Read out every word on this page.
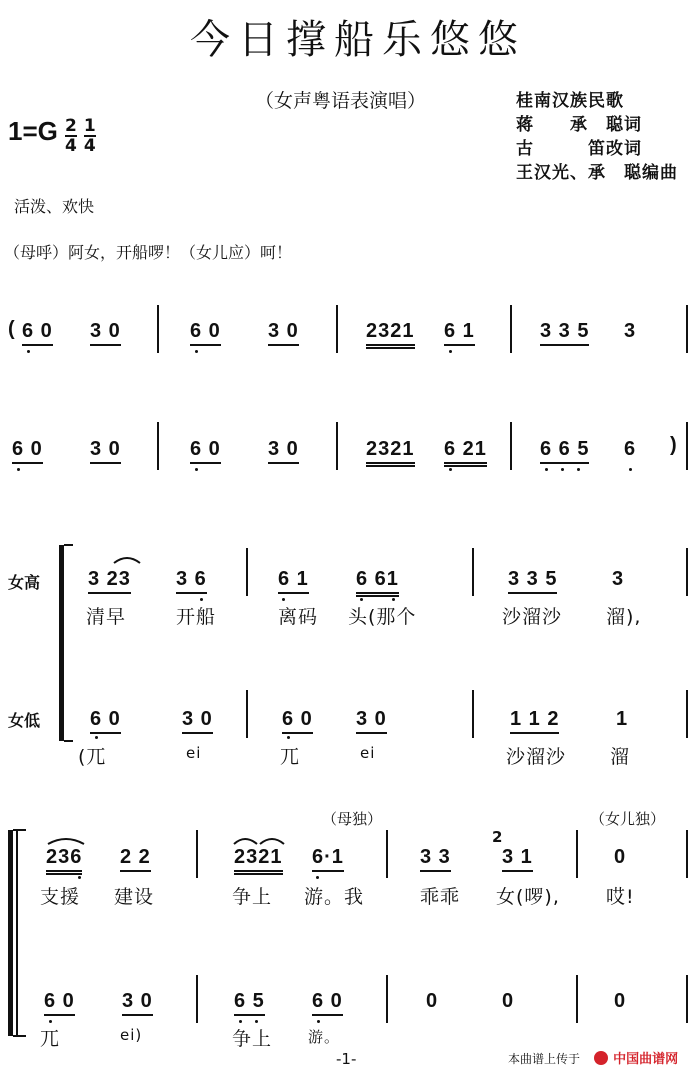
今日撑船乐悠悠
（女声粤语表演唱）	桂南汉族民歌
蒋　　承　聪词
古　　　笛改词
王汉光、承　聪编曲
$1=G \frac{2}{4}$
$\frac{1}{4}$
活泼、欢快
（母呼）阿女，开船啰！（女儿应）呵！
( 6 0 3 0	6 0 3 0	2321 6 1	3 3 5 3
6 0 3 0	6 0 3 0	2321 6 21	6 6 5 6 )
女高
女低
3 23 3 6	6 1 6 61	3 3 5	3
清早	开船	离码 头(那个	沙溜沙 溜),
6 0	3 0	6 0 3 0	1 1 2	1
(兀	ei	兀	ei	沙溜沙 溜
（母独）	（女儿独）
236 2 2	2321 6·1	3 3
2
3 1	0
支援 建设	争上 游。我	乖乖 女(啰), 哎!
6 0 3 0	6 5 6 0	0	0	0
兀	ei)	争上 游。
-1-	本曲谱上传于	中国曲谱网
